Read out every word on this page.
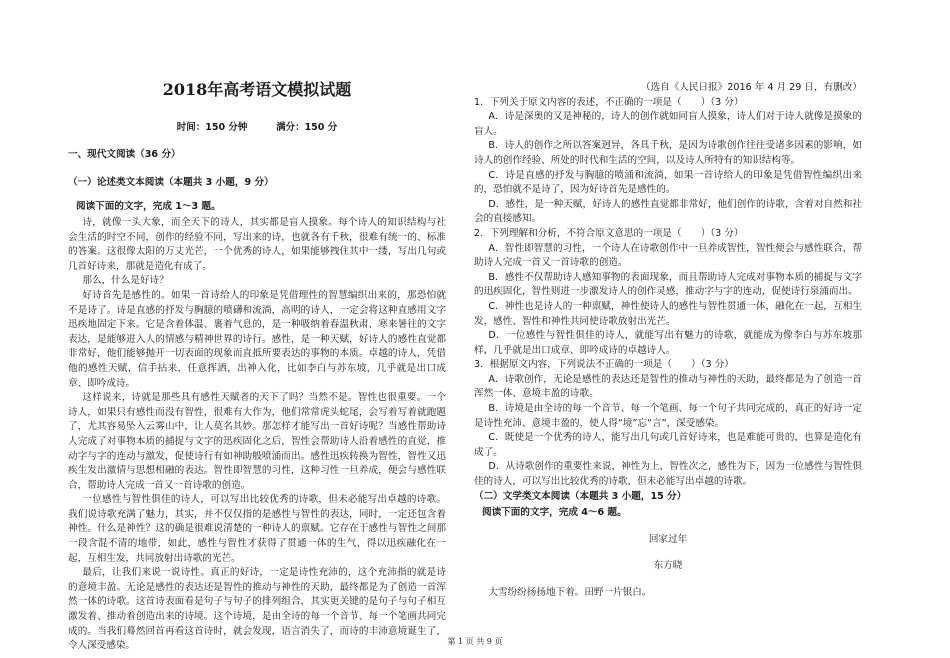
2018年高考语文模拟试题
时间：150 分钟	满分：150 分
一、现代文阅读（36 分）
（一）论述类文本阅读（本题共 3 小题，9 分）
阅读下面的文字，完成 1～3 题。

诗，就像一头大象，而全天下的诗人，其实都是盲人摸象。每个诗人的知识结构与社会生活的时空不同，创作的经验不同，写出来的诗，也就各有千秋，很难有统一的、标准的答案。这很像太阳的万丈光芒，一个优秀的诗人，如果能够拽住其中一缕，写出几句或几首好诗来，那就是造化有成了。

那么，什么是好诗？

好诗首先是感性的。如果一首诗给人的印象是凭借理性的智慧编织出来的，那恐怕就不是诗了。诗是直感的抒发与胸臆的喷礴和流淌，高明的诗人，一定会将这种直感用文字迅疾地固定下来。它是含着体温、裹着气息的，是一种吸纳着春温秋肃、寒来暑往的文字表达，是能够进入人的情感与精神世界的诗行。感性，是一种天赋，好诗人的感性直觉都非常好，他们能够抛开一切表面的现象而直抵所要表达的事物的本质。卓越的诗人，凭借他的感性天赋，信手拈来，任意挥洒，出神入化，比如李白与苏东坡，几乎就是出口成章、即吟成诗。

这样说来，诗就是那些具有感性天赋者的天下了吗？当然不是。智性也很重要。一个诗人，如果只有感性而没有智性，很难有大作为，他们常常虎头蛇尾，会写着写着就跑题了，尤其容易坠入云雾山中，让人莫名其妙。那怎样才能写出一首好诗呢？当感性帮助诗人完成了对事物本质的捕捉与文字的迅疾固化之后，智性会帮助诗人沿着感性的直觉，推动字与字的连动与激发，促使诗行有如神助般喷涌而出。感性迅疾转换为智性，智性又迅疾生发出激情与思想相融的表达。智性即智慧的习性，这种习性一旦养成，便会与感性联合，帮助诗人完成一首又一首诗歌的创造。

一位感性与智性俱佳的诗人，可以写出比较优秀的诗歌，但未必能写出卓越的诗歌。我们说诗歌充满了魅力，其实，并不仅仅指的是感性与智性的表达，同时，一定还包含着神性。什么是神性？这的确是很难说清楚的一种诗人的禀赋。它存在于感性与智性之间那一段含混不清的地带，如此，感性与智性才获得了贯通一体的生气，得以迅疾融化在一起，互相生发，共同放射出诗歌的光芒。

最后，让我们来说一说诗性。真正的好诗，一定是诗性充沛的，这个充沛指的就是诗的意境丰盈。无论是感性的表达还是智性的推动与神性的天助，最终都是为了创造一首浑然一体的诗歌。这首诗表面看是句子与句子的排列组合，其实更关键的是句子与句子相互激发着、推动着创造出来的诗境。这个诗境，是由全诗的每一个音节、每一个笔画共同完成的。当我们蓦然回首再看这首诗时，就会发现，语言消失了，而诗的丰沛意境诞生了，令人深受感染。

（选自《人民日报》2016 年 4 月 29 日，有删改）

1．下列关于原文内容的表述，不正确的一项是（　　）（3 分）

A．诗是深奥的又是神秘的，诗人的创作就如同盲人摸象，诗人们对于诗人就像是摸象的盲人。

B．诗人的创作之所以答案迥异，各具千秋，是因为诗歌创作往往受诸多因素的影响，如诗人的创作经验、所处的时代和生活的空间，以及诗人所特有的知识结构等。

C．诗是直感的抒发与胸臆的喷涌和流淌，如果一首诗给人的印象是凭借智性编织出来的，恐怕就不是诗了，因为好诗首先是感性的。

D．感性，是一种天赋，好诗人的感性直觉都非常好，他们创作的诗歌，含着对自然和社会的直接感知。

2．下列理解和分析，不符合原文意思的一项是（　　）（3 分）

A．智性即智慧的习性，一个诗人在诗歌创作中一旦养成智性，智性便会与感性联合，帮助诗人完成一首又一首诗歌的创造。

B．感性不仅帮助诗人感知事物的表面现象，而且帮助诗人完成对事物本质的捕捉与文字的迅疾固化，智性则进一步激发诗人的创作灵感，推动字与字的连动，促使诗行泉涌而出。

C．神性也是诗人的一种禀赋，神性使诗人的感性与智性贯通一体，融化在一起，互相生发，感性、智性和神性共同使诗歌放射出光芒。

D．一位感性与智性俱佳的诗人，就能写出有魅力的诗歌，就能成为像李白与苏东坡那样，几乎就是出口成章、即吟成诗的卓越诗人。

3．根据原文内容，下列说法不正确的一项是（　　）（3 分）

A．诗歌创作，无论是感性的表达还是智性的推动与神性的天助，最终都是为了创造一首浑然一体、意境丰盈的诗歌。

B．诗境是由全诗的每一个音节、每一个笔画、每一个句子共同完成的，真正的好诗一定是诗性充沛、意境丰盈的，使人得“境”忘“言”，深受感染。

C．既使是一个优秀的诗人，能写出几句或几首好诗来，也是难能可贵的，也算是造化有成了。

D．从诗歌创作的重要性来说，神性为上，智性次之，感性为下，因为一位感性与智性俱佳的诗人，可以写出比较优秀的诗歌，但未必能写出卓越的诗歌。

（二）文学类文本阅读（本题共 3 小题，15 分）

阅读下面的文字，完成 4～6 题。

回家过年

东方晓

大雪纷纷扬扬地下着。田野一片银白。

第 1 页 共 9 页
